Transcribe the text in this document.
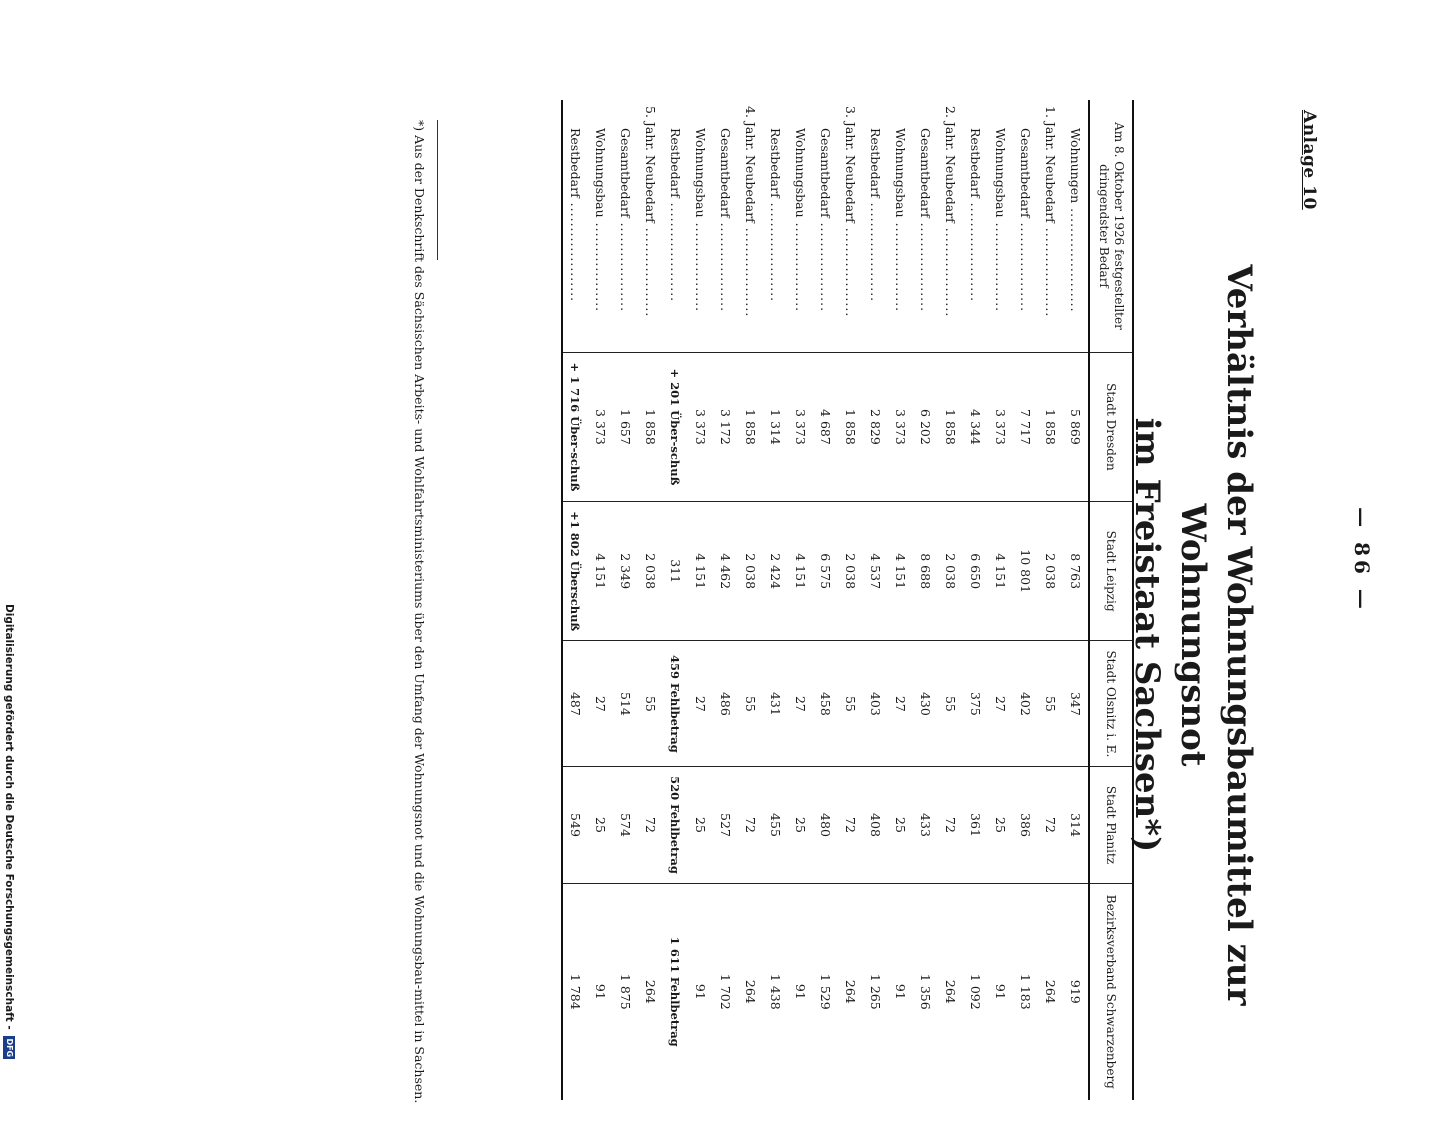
Anlage 10
— 86 —
Verhältnis der Wohnungsbaumittel zur Wohnungsnot
im Freistaat Sachsen*)
Am 8. Oktober 1926 festgestellter dringendster Bedarf	Stadt Dresden	Stadt Leipzig	Stadt Olsnitz i. E.	Stadt Planitz	Bezirksverband Schwarzenberg

Wohnungen .....................	5 869	8 763	347	314	919

1. Jahr. Neubedarf ..................	1 858	2 038	55	72	264

Gesamtbedarf ..................	7 717	10 801	402	386	1 183

Wohnungsbau ..................	3 373	4 151	27	25	91

Restbedarf ....................	4 344	6 650	375	361	1 092

2. Jahr. Neubedarf ..................	1 858	2 038	55	72	264

Gesamtbedarf ..................	6 202	8 688	430	433	1 356

Wohnungsbau ..................	3 373	4 151	27	25	91

Restbedarf ....................	2 829	4 537	403	408	1 265

3. Jahr. Neubedarf ..................	1 858	2 038	55	72	264

Gesamtbedarf ..................	4 687	6 575	458	480	1 529

Wohnungsbau ..................	3 373	4 151	27	25	91

Restbedarf ....................	1 314	2 424	431	455	1 438

4. Jahr. Neubedarf ..................	1 858	2 038	55	72	264

Gesamtbedarf ..................	3 172	4 462	486	527	1 702

Wohnungsbau ..................	3 373	4 151	27	25	91

Restbedarf ....................	+ 201 Über-schuß	311	459 Fehlbetrag	520 Fehlbetrag	1 611 Fehlbetrag

5. Jahr. Neubedarf ..................	1 858	2 038	55	72	264

Gesamtbedarf ..................	1 657	2 349	514	574	1 875

Wohnungsbau ..................	3 373	4 151	27	25	91

Restbedarf ....................	+ 1 716 Über-schuß	+1 802 Überschuß	487	549	1 784
*) Aus der Denkschrift des Sächsischen Arbeits- und Wohlfahrtsministeriums über den Umfang der Wohnungsnot und die Wohnungsbau-mittel in Sachsen.
Digitalisierung gefördert durch die Deutsche Forschungsgemeinschaft - DFG
